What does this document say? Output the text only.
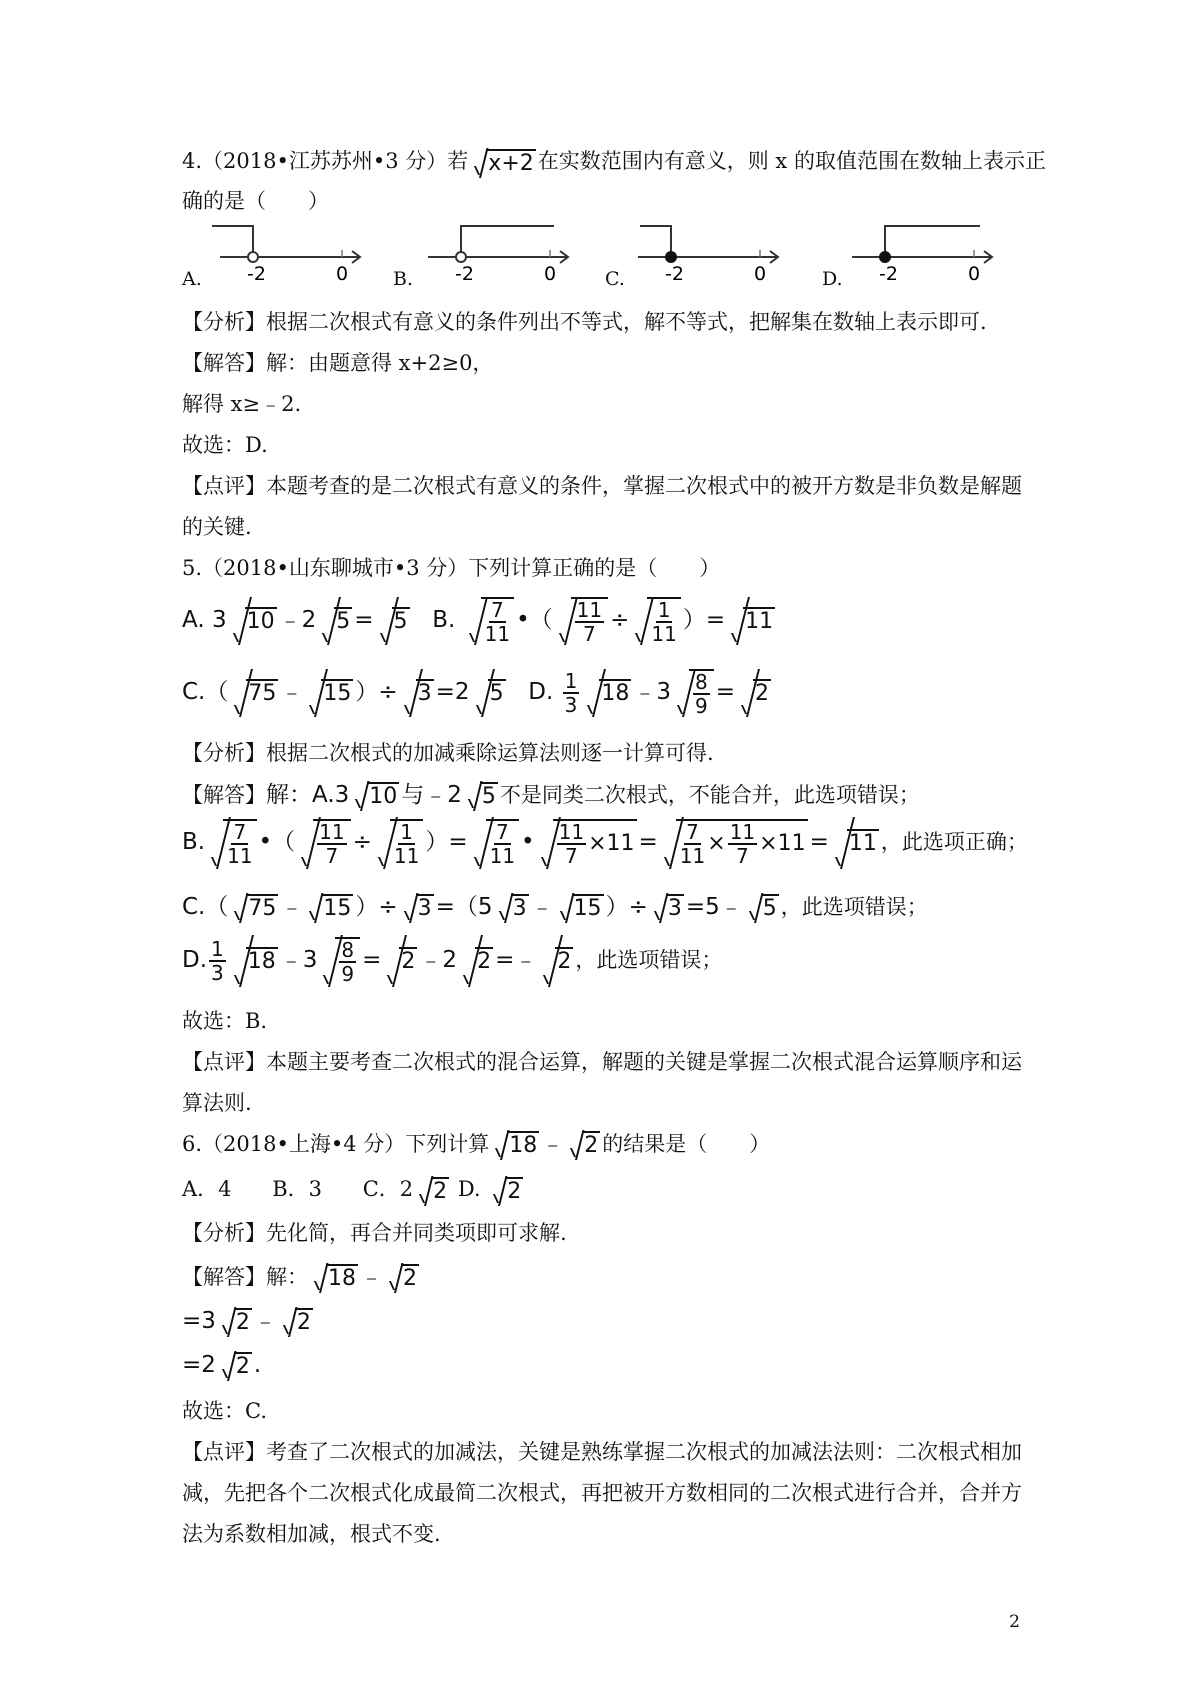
4.（2018•江苏苏州•3 分）若 x+2 在实数范围内有意义，则 x 的取值范围在数轴上表示正
确的是（　　）
A. -2	0 B. -2	0	C. -2	0	D. -2	0
【分析】根据二次根式有意义的条件列出不等式，解不等式，把解集在数轴上表示即可.
【解答】解：由题意得 x+2≥0，
解得 x≥﹣2.
故选：D.
【点评】本题考查的是二次根式有意义的条件，掌握二次根式中的被开方数是非负数是解题
的关键.
5.（2018•山东聊城市•3 分）下列计算正确的是（　　）
A. 3 10 ﹣2 5 = 5 B. $\frac{7}{11}$ •（ $\frac{11}{7} \div \frac{1}{11}$ ）= 11
C.（ 75 ﹣ 15 ）÷ 3 =2 5 D. $\frac{1}{3} 18$ ﹣3 $\frac{8}{9} = 2$
【分析】根据二次根式的加减乘除运算法则逐一计算可得.
【解答】解：A.3 10 与﹣2 5 不是同类二次根式，不能合并，此选项错误；
B. $\frac{7}{11}$ •（ $\frac{11}{7} \div \frac{1}{11}$ ）= $\frac{7}{11}$ • $\frac{11}{7} \times 11 = \frac{7}{11} \times \frac{11}{7} \times 11 = 11$ ，此选项正确；
C.（ 75 ﹣ 15 ）÷ 3 =（5 3 ﹣ 15 ）÷ 3 =5﹣ 5 ，此选项错误；
D. $\frac{1}{3} 18$ ﹣3 $\frac{8}{9} = 2$ ﹣2 2 =﹣ 2 ，此选项错误；
故选：B.
【点评】本题主要考查二次根式的混合运算，解题的关键是掌握二次根式混合运算顺序和运
算法则.
6.（2018•上海•4 分）下列计算 18 ﹣ 2 的结果是（　　）
A．4 B．3 C．2 2 D. 2
【分析】先化简，再合并同类项即可求解.
【解答】解： 18 ﹣ 2
=3 2 ﹣ 2
=2 2 .
故选：C.
【点评】考查了二次根式的加减法，关键是熟练掌握二次根式的加减法法则：二次根式相加
减，先把各个二次根式化成最简二次根式，再把被开方数相同的二次根式进行合并，合并方
法为系数相加减，根式不变.
2
